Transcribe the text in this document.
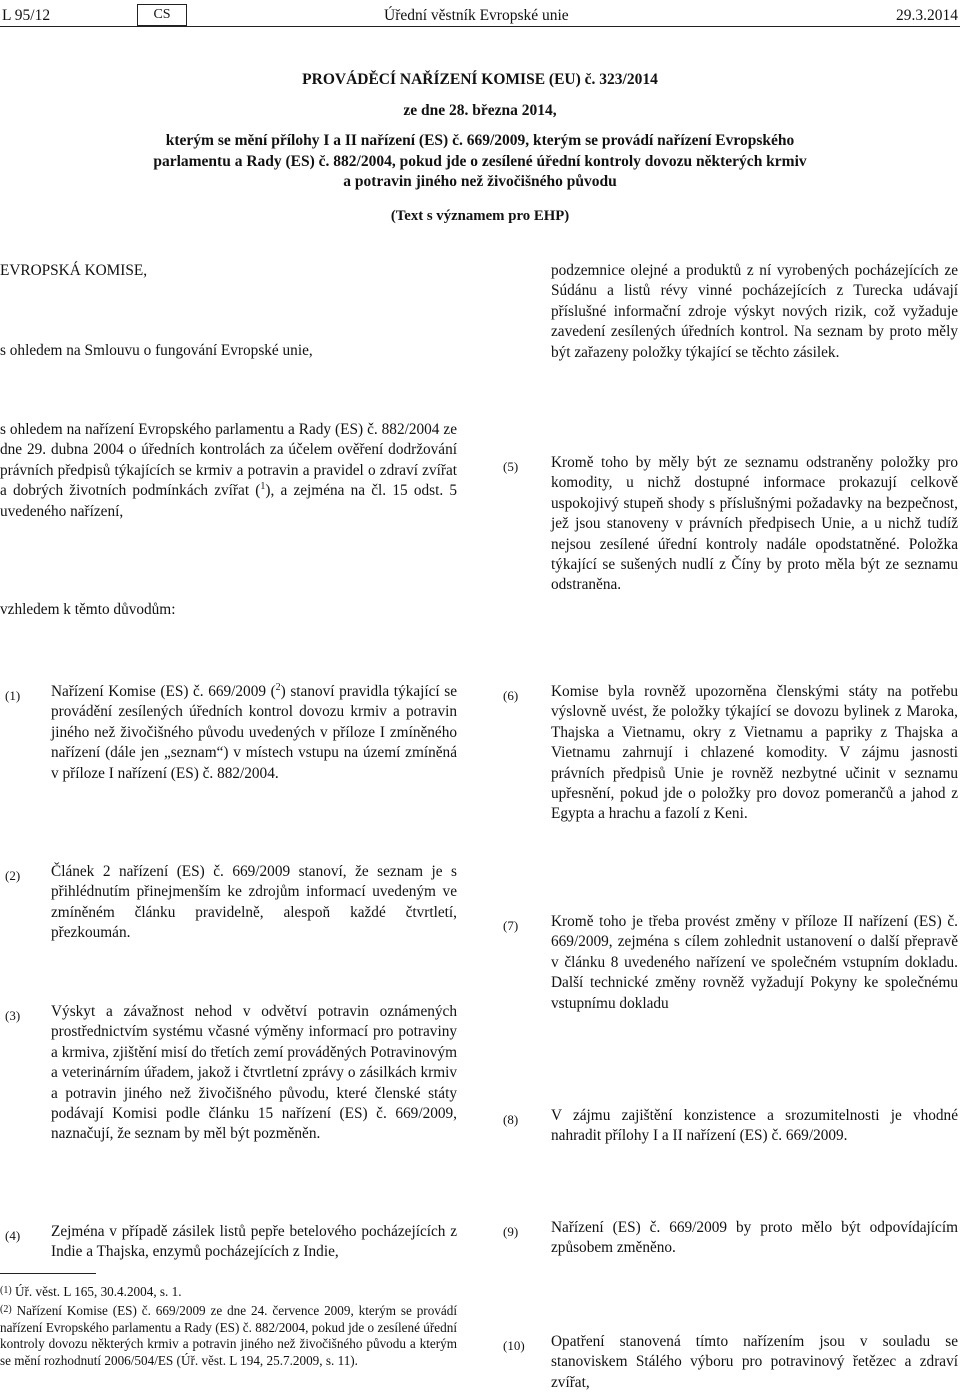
L 95/12	CS	Úřední věstník Evropské unie	29.3.2014
PROVÁDĚCÍ NAŘÍZENÍ KOMISE (EU) č. 323/2014
ze dne 28. března 2014,
kterým se mění přílohy I a II nařízení (ES) č. 669/2009, kterým se provádí nařízení Evropského
parlamentu a Rady (ES) č. 882/2004, pokud jde o zesílené úřední kontroly dovozu některých krmiv
a potravin jiného než živočišného původu
(Text s významem pro EHP)
EVROPSKÁ KOMISE,
s ohledem na Smlouvu o fungování Evropské unie,
s ohledem na nařízení Evropského parlamentu a Rady (ES) č. 882/2004 ze dne 29. dubna 2004 o úředních kontrolách za účelem ověření dodržování právních předpisů týkajících se krmiv a potravin a pravidel o zdraví zvířat a dobrých životních podmínkách zvířat ($^1$), a zejména na čl. 15 odst. 5 uvedeného nařízení,
vzhledem k těmto důvodům:
podzemnice olejné a produktů z ní vyrobených pocházejících ze Súdánu a listů révy vinné pocházejících z Turecka udávají příslušné informační zdroje výskyt nových rizik, což vyžaduje zavedení zesílených úředních kontrol. Na seznam by proto měly být zařazeny položky týkající se těchto zásilek.
(5) Kromě toho by měly být ze seznamu odstraněny položky pro komodity, u nichž dostupné informace prokazují celkově uspokojivý stupeň shody s příslušnými požadavky na bezpečnost, jež jsou stanoveny v právních předpisech Unie, a u nichž tudíž nejsou zesílené úřední kontroly nadále opodstatněné. Položka týkající se sušených nudlí z Číny by proto měla být ze seznamu odstraněna.
(1) Nařízení Komise (ES) č. 669/2009 ($^2$) stanoví pravidla týkající se provádění zesílených úředních kontrol dovozu krmiv a potravin jiného než živočišného původu uvedených v příloze I zmíněného nařízení (dále jen „seznam“) v místech vstupu na území zmíněná v příloze I nařízení (ES) č. 882/2004.
(2) Článek 2 nařízení (ES) č. 669/2009 stanoví, že seznam je s přihlédnutím přinejmenším ke zdrojům informací uvedeným ve zmíněném článku pravidelně, alespoň každé čtvrtletí, přezkoumán.
(3) Výskyt a závažnost nehod v odvětví potravin oznámených prostřednictvím systému včasné výměny informací pro potraviny a krmiva, zjištění misí do třetích zemí prováděných Potravinovým a veterinárním úřadem, jakož i čtvrtletní zprávy o zásilkách krmiv a potravin jiného než živočišného původu, které členské státy podávají Komisi podle článku 15 nařízení (ES) č. 669/2009, naznačují, že seznam by měl být pozměněn.
(4) Zejména v případě zásilek listů pepře betelového pocházejících z Indie a Thajska, enzymů pocházejících z Indie,
(6) Komise byla rovněž upozorněna členskými státy na potřebu výslovně uvést, že položky týkající se dovozu bylinek z Maroka, Thajska a Vietnamu, okry z Vietnamu a papriky z Thajska a Vietnamu zahrnují i chlazené komodity. V zájmu jasnosti právních předpisů Unie je rovněž nezbytné učinit v seznamu upřesnění, pokud jde o položky pro dovoz pomerančů a jahod z Egypta a hrachu a fazolí z Keni.
(7) Kromě toho je třeba provést změny v příloze II nařízení (ES) č. 669/2009, zejména s cílem zohlednit ustanovení o další přepravě v článku 8 uvedeného nařízení ve společném vstupním dokladu. Další technické změny rovněž vyžadují Pokyny ke společnému vstupnímu dokladu
(8) V zájmu zajištění konzistence a srozumitelnosti je vhodné nahradit přílohy I a II nařízení (ES) č. 669/2009.
(9) Nařízení (ES) č. 669/2009 by proto mělo být odpovídajícím způsobem změněno.
(10) Opatření stanovená tímto nařízením jsou v souladu se stanoviskem Stálého výboru pro potravinový řetězec a zdraví zvířat,
$^{(1)}$ Úř. věst. L 165, 30.4.2004, s. 1.
$^{(2)}$ Nařízení Komise (ES) č. 669/2009 ze dne 24. července 2009, kterým se provádí nařízení Evropského parlamentu a Rady (ES) č. 882/2004, pokud jde o zesílené úřední kontroly dovozu některých krmiv a potravin jiného než živočišného původu a kterým se mění rozhodnutí 2006/504/ES (Úř. věst. L 194, 25.7.2009, s. 11).
